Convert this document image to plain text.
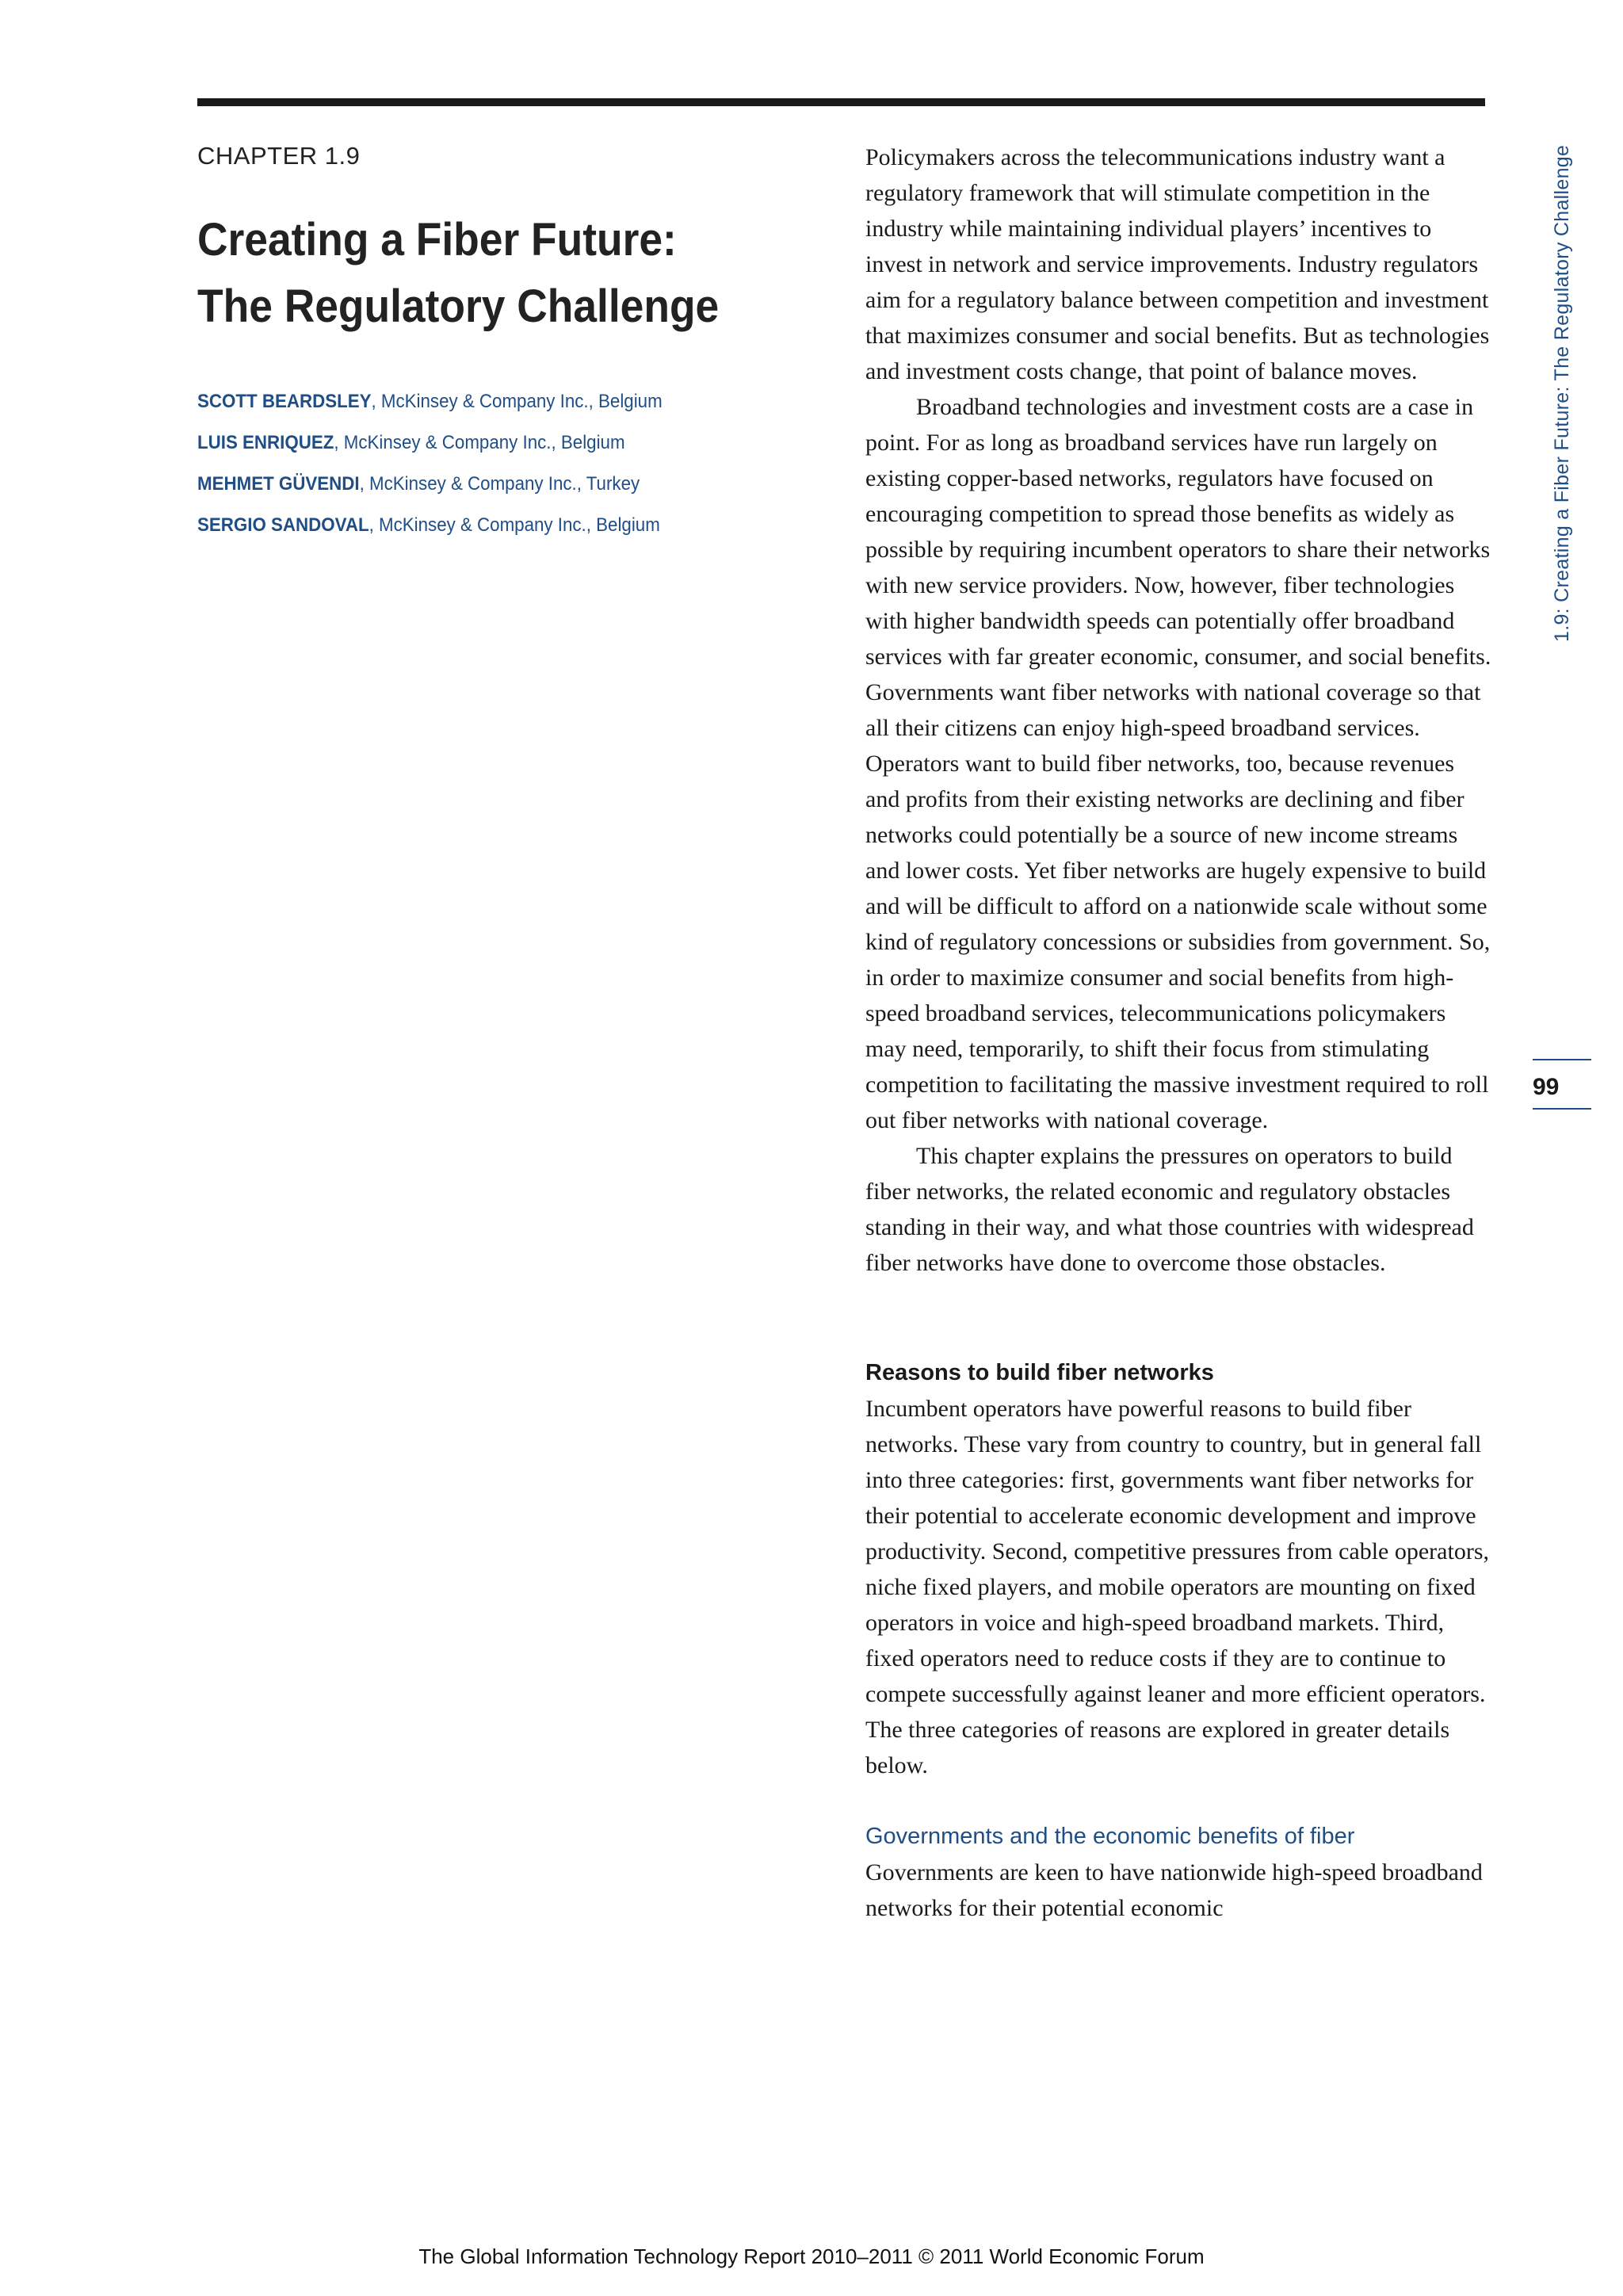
CHAPTER 1.9
Creating a Fiber Future:
The Regulatory Challenge
SCOTT BEARDSLEY, McKinsey & Company Inc., Belgium
LUIS ENRIQUEZ, McKinsey & Company Inc., Belgium
MEHMET GÜVENDI, McKinsey & Company Inc., Turkey
SERGIO SANDOVAL, McKinsey & Company Inc., Belgium

Policymakers across the telecommunications industry want a regulatory framework that will stimulate competition in the industry while maintaining individual players’ incentives to invest in network and service improvements. Industry regulators aim for a regulatory balance between competition and investment that maximizes consumer and social benefits. But as technologies and investment costs change, that point of balance moves.

Broadband technologies and investment costs are a case in point. For as long as broadband services have run largely on existing copper-based networks, regulators have focused on encouraging competition to spread those benefits as widely as possible by requiring incumbent operators to share their networks with new service providers. Now, however, fiber technologies with higher bandwidth speeds can potentially offer broadband services with far greater economic, consumer, and social benefits. Governments want fiber networks with national coverage so that all their citizens can enjoy high-speed broadband services. Operators want to build fiber networks, too, because revenues and profits from their existing networks are declining and fiber networks could potentially be a source of new income streams and lower costs. Yet fiber networks are hugely expensive to build and will be difficult to afford on a nationwide scale without some kind of regulatory concessions or subsidies from government. So, in order to maximize consumer and social benefits from high-speed broadband services, telecommunications policymakers may need, temporarily, to shift their focus from stimulating competition to facilitating the massive investment required to roll out fiber networks with national coverage.

This chapter explains the pressures on operators to build fiber networks, the related economic and regulatory obstacles standing in their way, and what those countries with widespread fiber networks have done to overcome those obstacles.

Reasons to build fiber networks

Incumbent operators have powerful reasons to build fiber networks. These vary from country to country, but in general fall into three categories: first, governments want fiber networks for their potential to accelerate economic development and improve productivity. Second, competitive pressures from cable operators, niche fixed players, and mobile operators are mounting on fixed operators in voice and high-speed broadband markets. Third, fixed operators need to reduce costs if they are to continue to compete successfully against leaner and more efficient operators. The three categories of reasons are explored in greater details below.

Governments and the economic benefits of fiber

Governments are keen to have nationwide high-speed broadband networks for their potential economic

1.9: Creating a Fiber Future: The Regulatory Challenge
99
The Global Information Technology Report 2010–2011 © 2011 World Economic Forum
